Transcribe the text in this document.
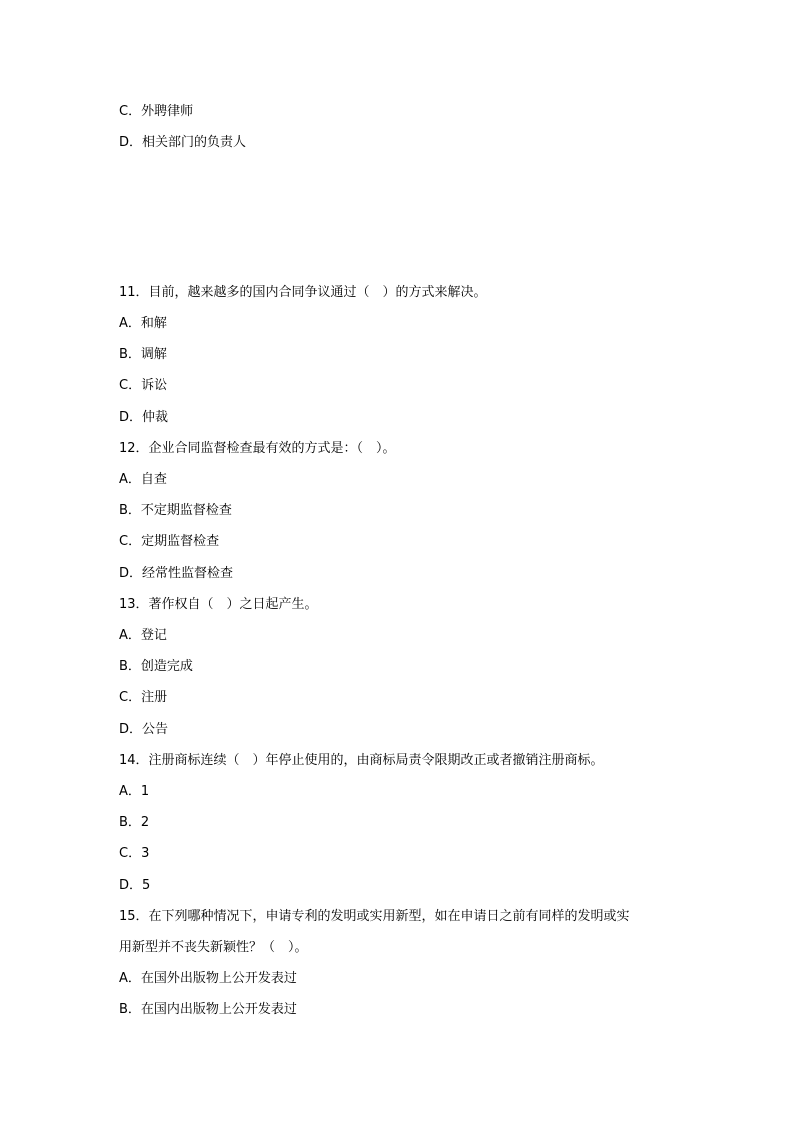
C．外聘律师
D．相关部门的负责人
11．目前，越来越多的国内合同争议通过（　）的方式来解决。
A．和解
B．调解
C．诉讼
D．仲裁
12．企业合同监督检查最有效的方式是：（　）。
A．自查
B．不定期监督检查
C．定期监督检查
D．经常性监督检查
13．著作权自（　）之日起产生。
A．登记
B．创造完成
C．注册
D．公告
14．注册商标连续（　）年停止使用的，由商标局责令限期改正或者撤销注册商标。
A．1
B．2
C．3
D．5
15．在下列哪种情况下，申请专利的发明或实用新型，如在申请日之前有同样的发明或实
用新型并不丧失新颖性？（　）。
A．在国外出版物上公开发表过
B．在国内出版物上公开发表过
